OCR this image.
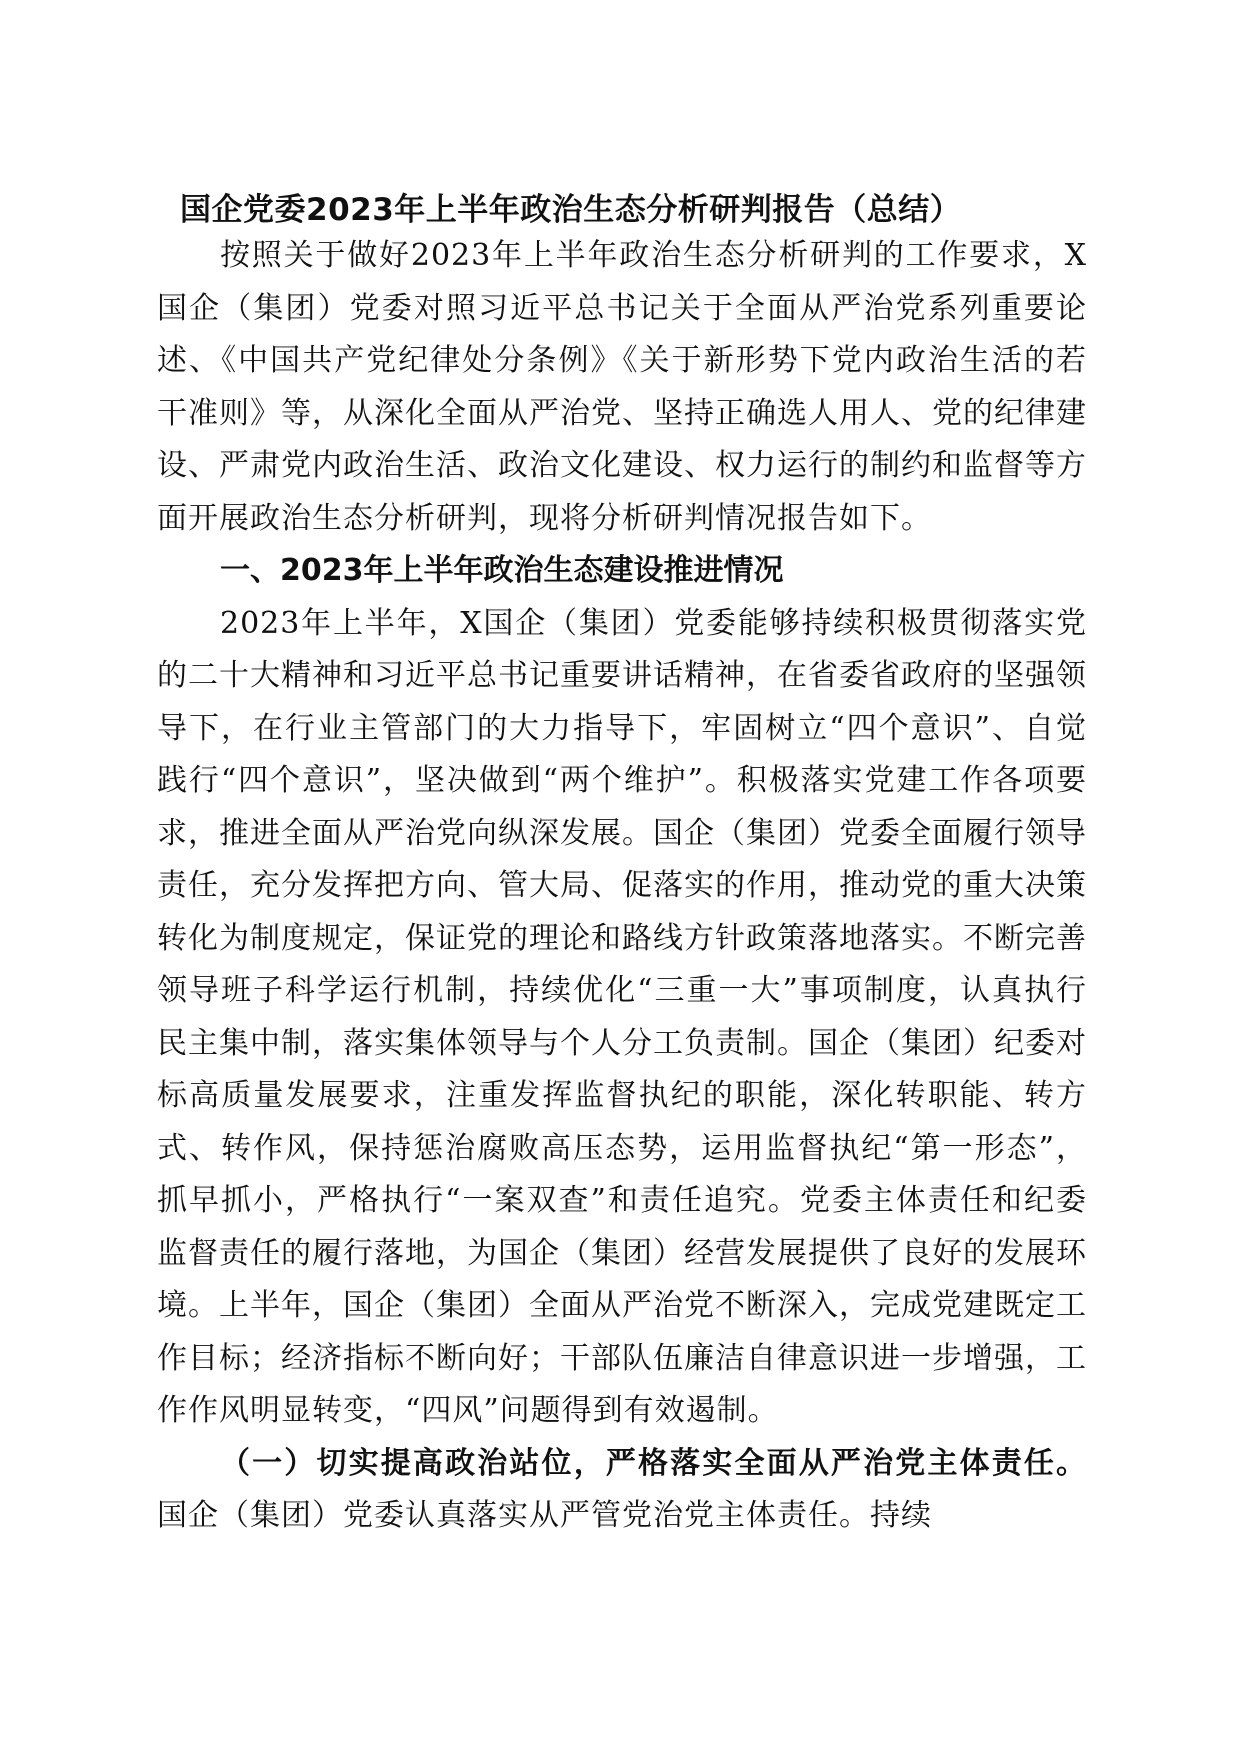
国企党委2023年上半年政治生态分析研判报告（总结）

按照关于做好2023年上半年政治生态分析研判的工作要求，X国企（集团）党委对照习近平总书记关于全面从严治党系列重要论述、《中国共产党纪律处分条例》《关于新形势下党内政治生活的若干准则》等，从深化全面从严治党、坚持正确选人用人、党的纪律建设、严肃党内政治生活、政治文化建设、权力运行的制约和监督等方面开展政治生态分析研判，现将分析研判情况报告如下。

一、2023年上半年政治生态建设推进情况

2023年上半年，X国企（集团）党委能够持续积极贯彻落实党的二十大精神和习近平总书记重要讲话精神，在省委省政府的坚强领导下，在行业主管部门的大力指导下，牢固树立“四个意识”、自觉践行“四个意识”，坚决做到“两个维护”。积极落实党建工作各项要求，推进全面从严治党向纵深发展。国企（集团）党委全面履行领导责任，充分发挥把方向、管大局、促落实的作用，推动党的重大决策转化为制度规定，保证党的理论和路线方针政策落地落实。不断完善领导班子科学运行机制，持续优化“三重一大”事项制度，认真执行民主集中制，落实集体领导与个人分工负责制。国企（集团）纪委对标高质量发展要求，注重发挥监督执纪的职能，深化转职能、转方式、转作风，保持惩治腐败高压态势，运用监督执纪“第一形态”，抓早抓小，严格执行“一案双查”和责任追究。党委主体责任和纪委监督责任的履行落地，为国企（集团）经营发展提供了良好的发展环境。上半年，国企（集团）全面从严治党不断深入，完成党建既定工作目标；经济指标不断向好；干部队伍廉洁自律意识进一步增强，工作作风明显转变，“四风”问题得到有效遏制。

（一）切实提高政治站位，严格落实全面从严治党主体责任。国企（集团）党委认真落实从严管党治党主体责任。持续
